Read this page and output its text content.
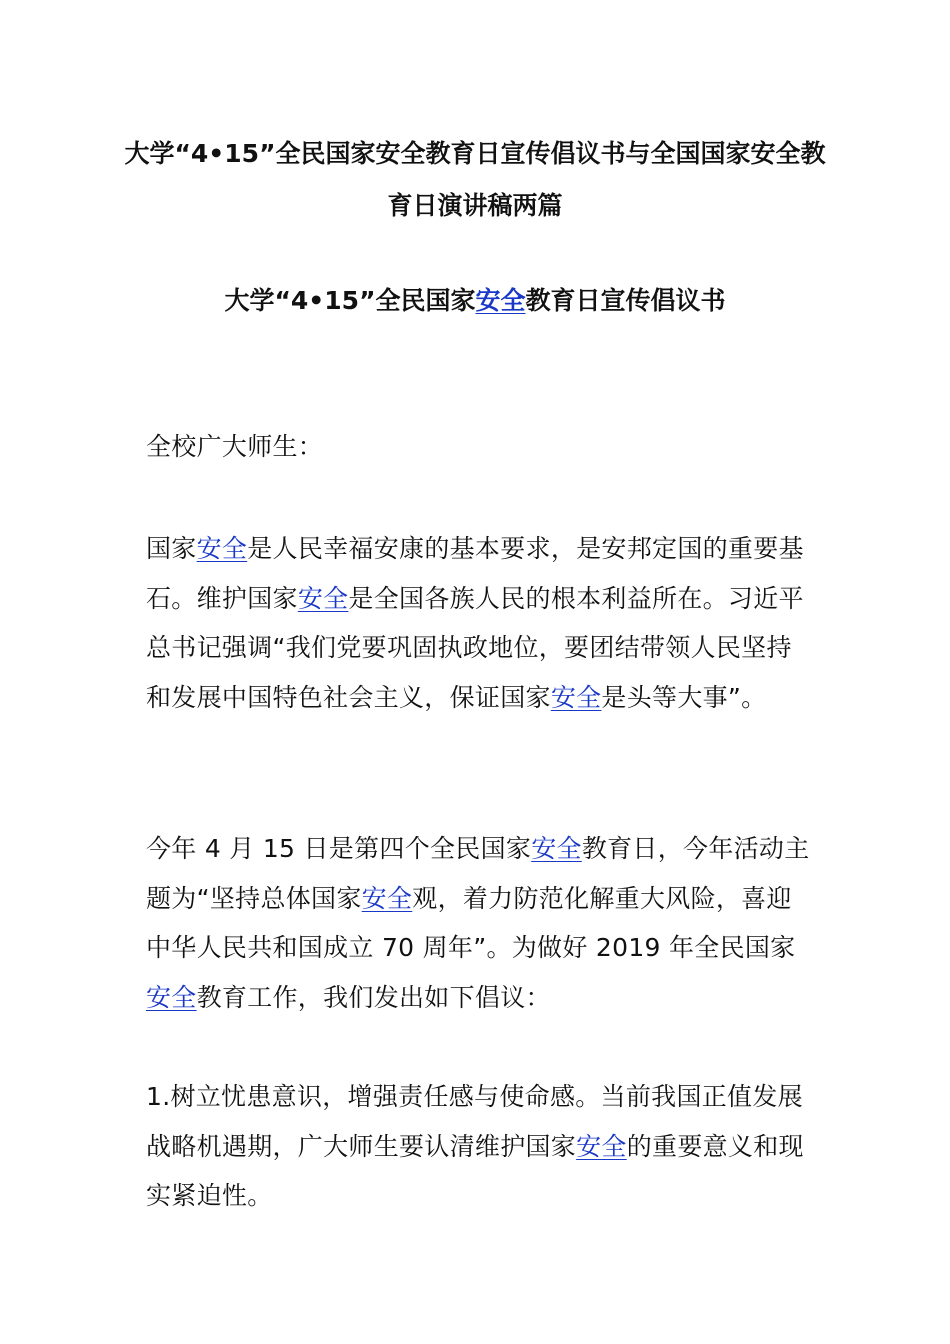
大学“4•15”全民国家安全教育日宣传倡议书与全国国家安全教育日演讲稿两篇
大学“4•15”全民国家安全教育日宣传倡议书

全校广大师生：

国家安全是人民幸福安康的基本要求，是安邦定国的重要基石。维护国家安全是全国各族人民的根本利益所在。习近平总书记强调“我们党要巩固执政地位，要团结带领人民坚持和发展中国特色社会主义，保证国家安全是头等大事”。

今年 4 月 15 日是第四个全民国家安全教育日，今年活动主题为“坚持总体国家安全观，着力防范化解重大风险，喜迎中华人民共和国成立 70 周年”。为做好 2019 年全民国家安全教育工作，我们发出如下倡议：

1.树立忧患意识，增强责任感与使命感。当前我国正值发展战略机遇期，广大师生要认清维护国家安全的重要意义和现实紧迫性。
